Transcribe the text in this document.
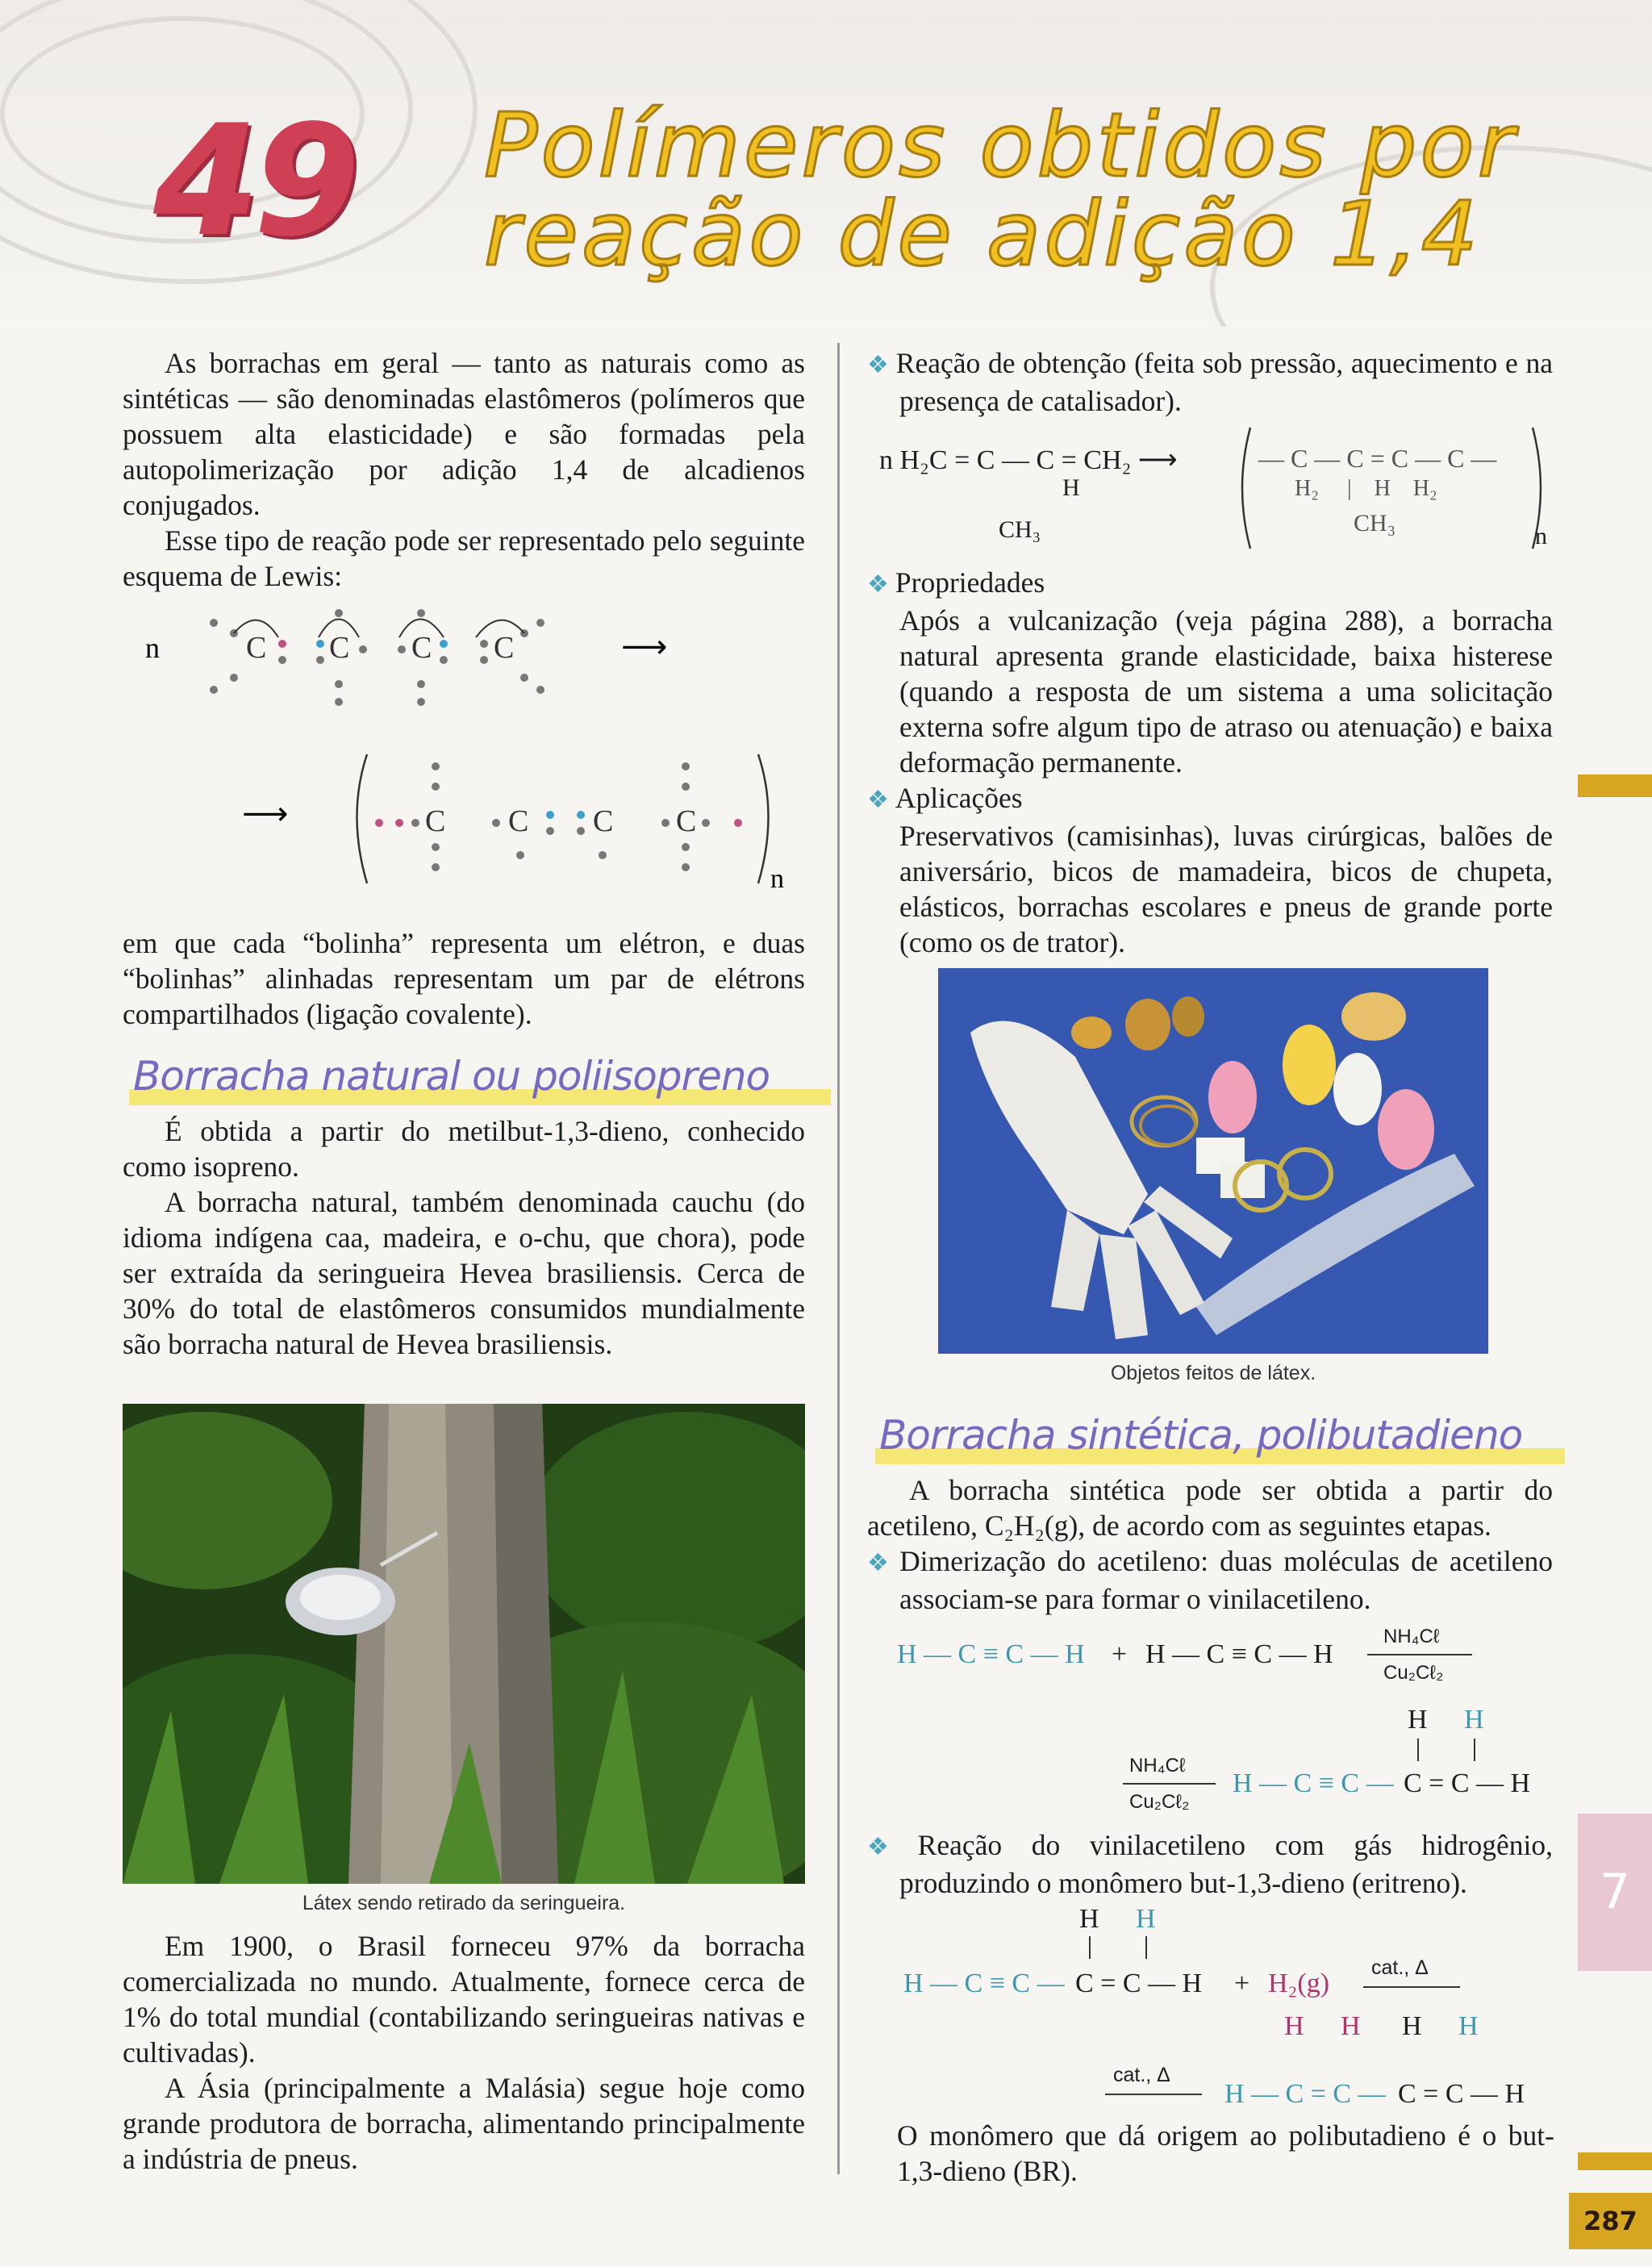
49 Polímeros obtidos por
reação de adição 1,4

As borrachas em geral — tanto as naturais como as sintéticas — são denominadas elastômeros (polímeros que possuem alta elasticidade) e são formadas pela autopolimerização por adição 1,4 de alcadienos conjugados.

Esse tipo de reação pode ser representado pelo seguinte esquema de Lewis:

n	C C C C	⟶
⟶	C C C C
n

em que cada “bolinha” representa um elétron, e duas “bolinhas” alinhadas representam um par de elétrons compartilhados (ligação covalente).

Borracha natural ou poliisopreno

É obtida a partir do metilbut-1,3-dieno, conhecido como isopreno.

A borracha natural, também denominada cauchu (do idioma indígena caa, madeira, e o-chu, que chora), pode ser extraída da seringueira Hevea brasiliensis. Cerca de 30% do total de elastômeros consumidos mundialmente são borracha natural de Hevea brasiliensis.

Látex sendo retirado da seringueira.

Em 1900, o Brasil forneceu 97% da borracha comercializada no mundo. Atualmente, fornece cerca de 1% do total mundial (contabilizando seringueiras nativas e cultivadas).

A Ásia (principalmente a Malásia) segue hoje como grande produtora de borracha, alimentando principalmente a indústria de pneus.

❖ Reação de obtenção (feita sob pressão, aquecimento e na presença de catalisador).

n H₂C = C — C = CH₂ ⟶
H
CH₃
— C — C = C — C —
H₂     |    H    H₂
CH₃	n

❖ Propriedades

Após a vulcanização (veja página 288), a borracha natural apresenta grande elasticidade, baixa histerese (quando a resposta de um sistema a uma solicitação externa sofre algum tipo de atraso ou atenuação) e baixa deformação permanente.

❖ Aplicações

Preservativos (camisinhas), luvas cirúrgicas, balões de aniversário, bicos de mamadeira, bicos de chupeta, elásticos, borrachas escolares e pneus de grande porte (como os de trator).

Objetos feitos de látex.
Borracha sintética, polibutadieno

A borracha sintética pode ser obtida a partir do acetileno, C₂H₂(g), de acordo com as seguintes etapas.

❖ Dimerização do acetileno: duas moléculas de acetileno associam-se para formar o vinilacetileno.

H — C ≡ C — H + H — C ≡ C — H
NH₄Cℓ
Cu₂Cℓ₂
H H
NH₄Cℓ
Cu₂Cℓ₂
H — C ≡ C — C = C — H

❖ Reação do vinilacetileno com gás hidrogênio, produzindo o monômero but-1,3-dieno (eritreno).

H H
H — C ≡ C — C = C — H + H₂(g)
cat., Δ
H H H H
cat., Δ
H — C = C — C = C — H

O monômero que dá origem ao polibutadieno é o but-1,3-dieno (BR).

7
287
